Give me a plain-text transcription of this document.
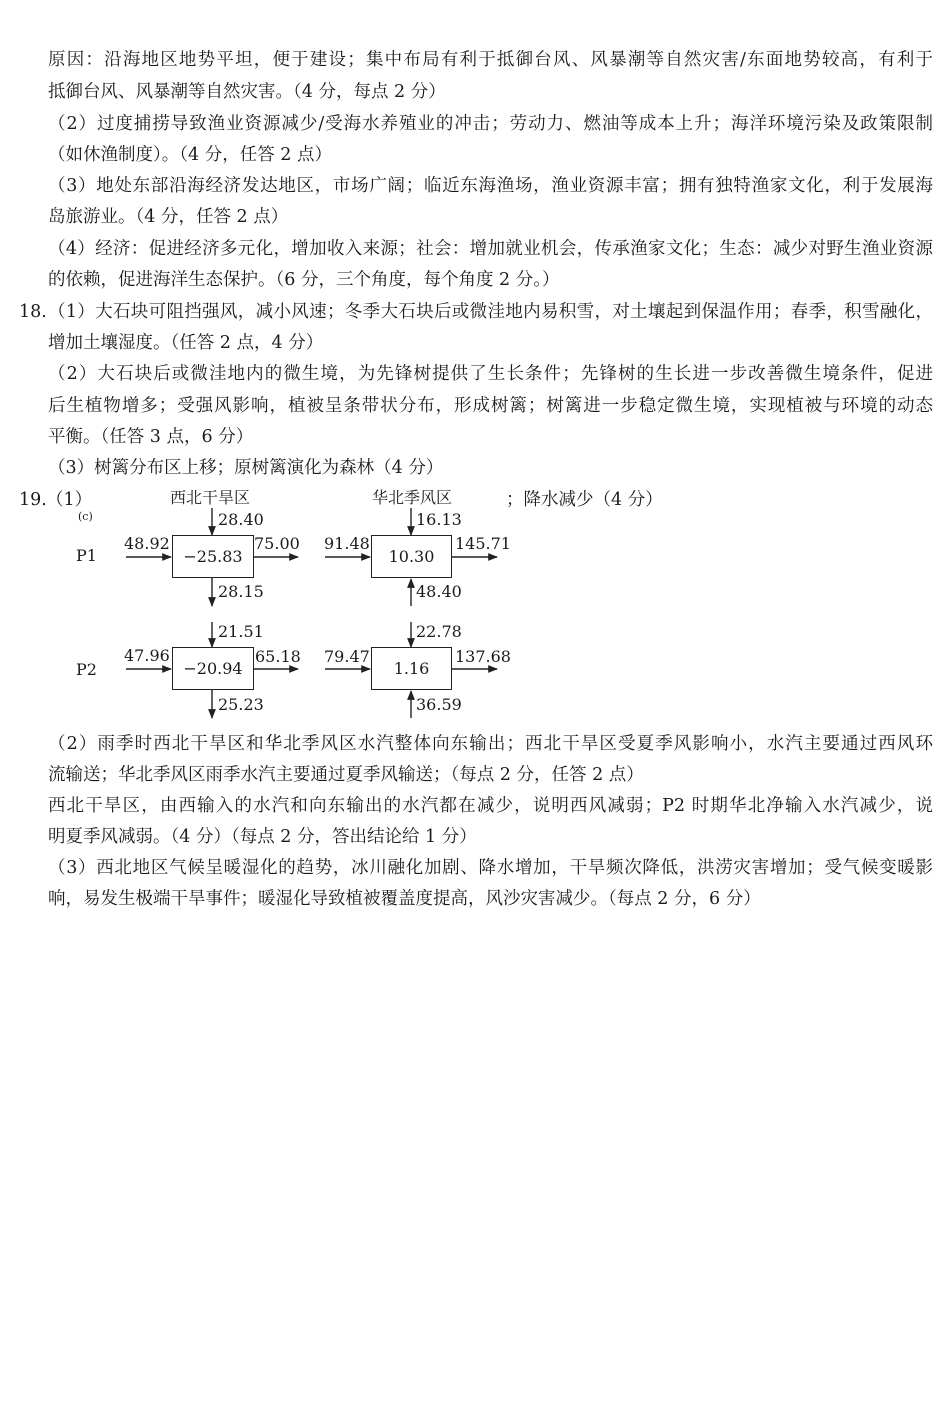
原因：沿海地区地势平坦，便于建设；集中布局有利于抵御台风、风暴潮等自然灾害/东面地势较高，有利于
抵御台风、风暴潮等自然灾害。（4 分，每点 2 分）
（2）过度捕捞导致渔业资源减少/受海水养殖业的冲击；劳动力、燃油等成本上升；海洋环境污染及政策限制
（如休渔制度）。（4 分，任答 2 点）
（3）地处东部沿海经济发达地区，市场广阔；临近东海渔场，渔业资源丰富；拥有独特渔家文化，利于发展海
岛旅游业。（4 分，任答 2 点）
（4）经济：促进经济多元化，增加收入来源；社会：增加就业机会，传承渔家文化；生态：减少对野生渔业资源
的依赖，促进海洋生态保护。（6 分，三个角度，每个角度 2 分。）
18. （1）大石块可阻挡强风，减小风速；冬季大石块后或微洼地内易积雪，对土壤起到保温作用；春季，积雪融化，
增加土壤湿度。（任答 2 点，4 分）
（2）大石块后或微洼地内的微生境，为先锋树提供了生长条件；先锋树的生长进一步改善微生境条件，促进
后生植物增多；受强风影响，植被呈条带状分布，形成树篱；树篱进一步稳定微生境，实现植被与环境的动态
平衡。（任答 3 点，6 分）
（3）树篱分布区上移；原树篱演化为森林（4 分）
19. （1）	；降水减少（4 分）
(c)
西北干旱区	华北季风区
P1
P2
−25.83	10.30
−20.94	1.16
48.92
28.40
75.00
28.15
91.48
16.13
145.71
48.40
47.96
21.51
65.18
25.23
79.47
22.78
137.68
36.59
（2）雨季时西北干旱区和华北季风区水汽整体向东输出；西北干旱区受夏季风影响小，水汽主要通过西风环
流输送；华北季风区雨季水汽主要通过夏季风输送；（每点 2 分，任答 2 点）
西北干旱区，由西输入的水汽和向东输出的水汽都在减少，说明西风减弱；P2 时期华北净输入水汽减少，说
明夏季风减弱。（4 分）（每点 2 分，答出结论给 1 分）
（3）西北地区气候呈暖湿化的趋势，冰川融化加剧、降水增加，干旱频次降低，洪涝灾害增加；受气候变暖影
响，易发生极端干旱事件；暖湿化导致植被覆盖度提高，风沙灾害减少。（每点 2 分，6 分）
